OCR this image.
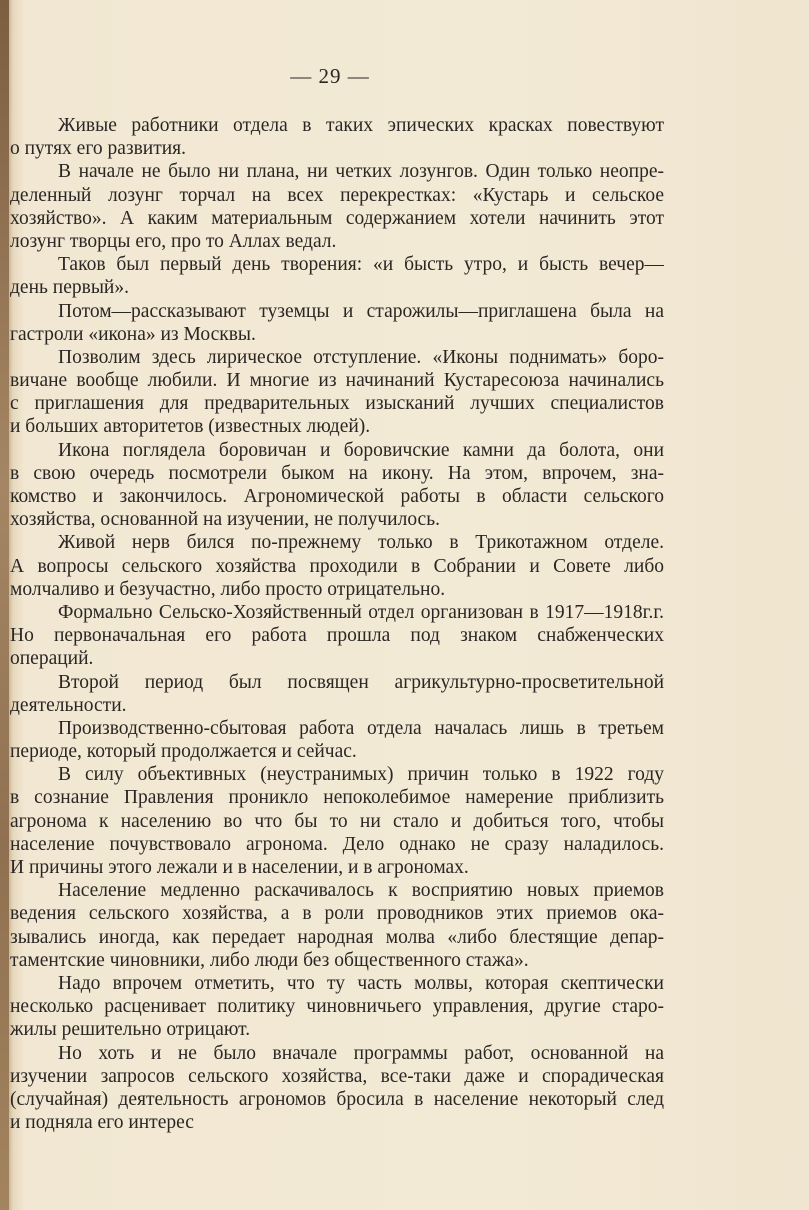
— 29 —
Живые работники отдела в таких эпических красках повествуют
о путях его развития.
В начале не было ни плана, ни четких лозунгов. Один только неопре-
деленный лозунг торчал на всех перекрестках: «Кустарь и сельское
хозяйство». А каким материальным содержанием хотели начинить этот
лозунг творцы его, про то Аллах ведал.
Таков был первый день творения: «и бысть утро, и бысть вечер—
день первый».
Потом—рассказывают туземцы и старожилы—приглашена была на
гастроли «икона» из Москвы.
Позволим здесь лирическое отступление. «Иконы поднимать» боро-
вичане вообще любили. И многие из начинаний Кустаресоюза начинались
с приглашения для предварительных изысканий лучших специалистов
и больших авторитетов (известных людей).
Икона поглядела боровичан и боровичские камни да болота, они
в свою очередь посмотрели быком на икону. На этом, впрочем, зна-
комство и закончилось. Агрономической работы в области сельского
хозяйства, основанной на изучении, не получилось.
Живой нерв бился по-прежнему только в Трикотажном отделе.
А вопросы сельского хозяйства проходили в Собрании и Совете либо
молчаливо и безучастно, либо просто отрицательно.
Формально Сельско-Хозяйственный отдел организован в 1917—1918г.г.
Но первоначальная его работа прошла под знаком снабженческих
операций.
Второй период был посвящен агрикультурно-просветительной
деятельности.
Производственно-сбытовая работа отдела началась лишь в третьем
периоде, который продолжается и сейчас.
В силу объективных (неустранимых) причин только в 1922 году
в сознание Правления проникло непоколебимое намерение приблизить
агронома к населению во что бы то ни стало и добиться того, чтобы
население почувствовало агронома. Дело однако не сразу наладилось.
И причины этого лежали и в населении, и в агрономах.
Население медленно раскачивалось к восприятию новых приемов
ведения сельского хозяйства, а в роли проводников этих приемов ока-
зывались иногда, как передает народная молва «либо блестящие депар-
таментские чиновники, либо люди без общественного стажа».
Надо впрочем отметить, что ту часть молвы, которая скептически
несколько расценивает политику чиновничьего управления, другие старо-
жилы решительно отрицают.
Но хоть и не было вначале программы работ, основанной на
изучении запросов сельского хозяйства, все-таки даже и спорадическая
(случайная) деятельность агрономов бросила в население некоторый след
и подняла его интерес
